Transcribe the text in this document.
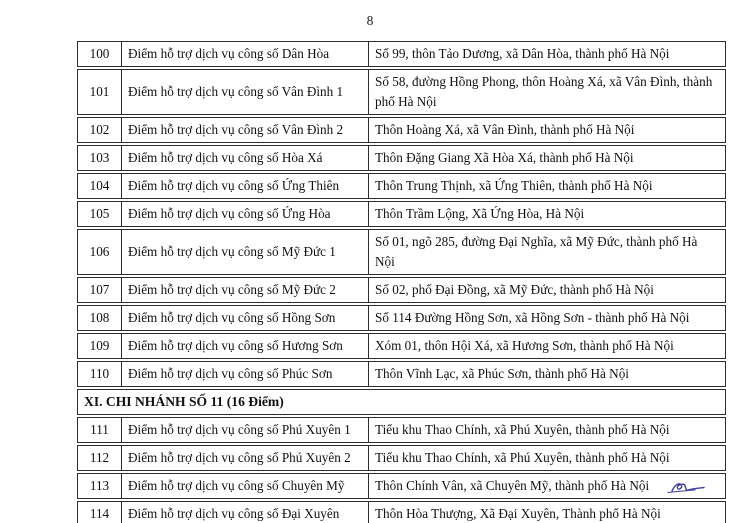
8
100	Điểm hỗ trợ dịch vụ công số Dân Hòa	Số 99, thôn Tảo Dương, xã Dân Hòa, thành phố Hà Nội
101	Điểm hỗ trợ dịch vụ công số Vân Đình 1	Số 58, đường Hồng Phong, thôn Hoàng Xá, xã Vân Đình, thành phố Hà Nội
102	Điểm hỗ trợ dịch vụ công số Vân Đình 2	Thôn Hoàng Xá, xã Vân Đình, thành phố Hà Nội
103	Điểm hỗ trợ dịch vụ công số Hòa Xá	Thôn Đặng Giang Xã Hòa Xá, thành phố Hà Nội
104	Điểm hỗ trợ dịch vụ công số Ứng Thiên	Thôn Trung Thịnh, xã Ứng Thiên, thành phố Hà Nội
105	Điểm hỗ trợ dịch vụ công số Ứng Hòa	Thôn Trầm Lộng, Xã Ứng Hòa, Hà Nội
106	Điểm hỗ trợ dịch vụ công số Mỹ Đức 1	Số 01, ngõ 285, đường Đại Nghĩa, xã Mỹ Đức, thành phố Hà Nội
107	Điểm hỗ trợ dịch vụ công số Mỹ Đức 2	Số 02, phố Đại Đồng, xã Mỹ Đức, thành phố Hà Nội
108	Điểm hỗ trợ dịch vụ công số Hồng Sơn	Số 114 Đường Hồng Sơn, xã Hồng Sơn - thành phố Hà Nội
109	Điểm hỗ trợ dịch vụ công số Hương Sơn	Xóm 01, thôn Hội Xá, xã Hương Sơn, thành phố Hà Nội
110	Điểm hỗ trợ dịch vụ công số Phúc Sơn	Thôn Vĩnh Lạc, xã Phúc Sơn, thành phố Hà Nội
XI. CHI NHÁNH SỐ 11 (16 Điểm)		
111	Điểm hỗ trợ dịch vụ công số Phú Xuyên 1	Tiểu khu Thao Chính, xã Phú Xuyên, thành phố Hà Nội
112	Điểm hỗ trợ dịch vụ công số Phú Xuyên 2	Tiểu khu Thao Chính, xã Phú Xuyên, thành phố Hà Nội
113	Điểm hỗ trợ dịch vụ công số Chuyên Mỹ	Thôn Chính Vân, xã Chuyên Mỹ, thành phố Hà Nội
114	Điểm hỗ trợ dịch vụ công số Đại Xuyên	Thôn Hòa Thượng, Xã Đại Xuyên, Thành phố Hà Nội
